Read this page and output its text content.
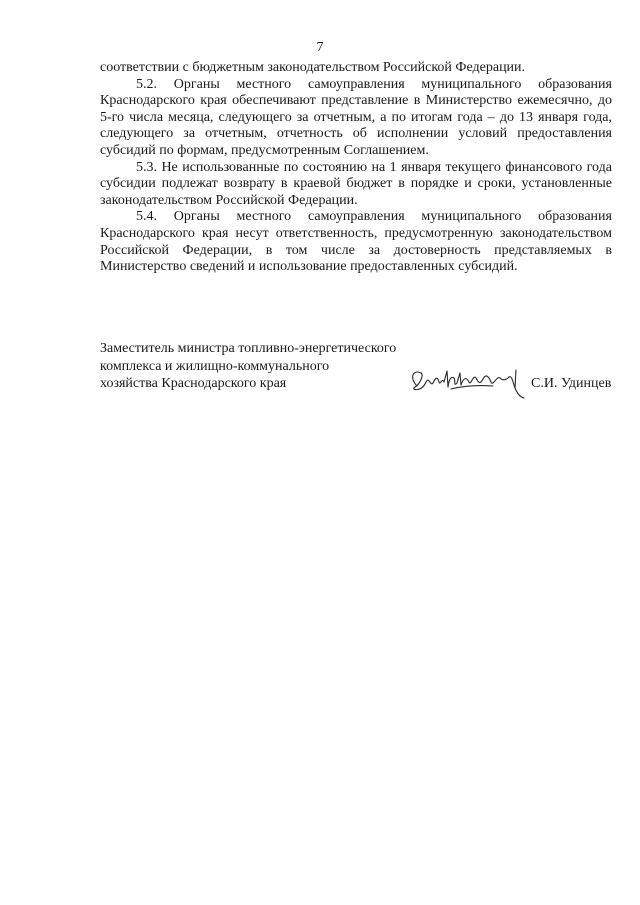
7

соответствии с бюджетным законодательством Российской Федерации.

5.2. Органы местного самоуправления муниципального образования Краснодарского края обеспечивают представление в Министерство ежемесячно, до 5-го числа месяца, следующего за отчетным, а по итогам года – до 13 января года, следующего за отчетным, отчетность об исполнении условий предоставления субсидий по формам, предусмотренным Соглашением.

5.3. Не использованные по состоянию на 1 января текущего финансового года субсидии подлежат возврату в краевой бюджет в порядке и сроки, установленные законодательством Российской Федерации.

5.4. Органы местного самоуправления муниципального образования Краснодарского края несут ответственность, предусмотренную законодательством Российской Федерации, в том числе за достоверность представляемых в Министерство сведений и использование предоставленных субсидий.

Заместитель министра топливно-энергетического
комплекса и жилищно-коммунального
хозяйства Краснодарского края	С.И. Удинцев
